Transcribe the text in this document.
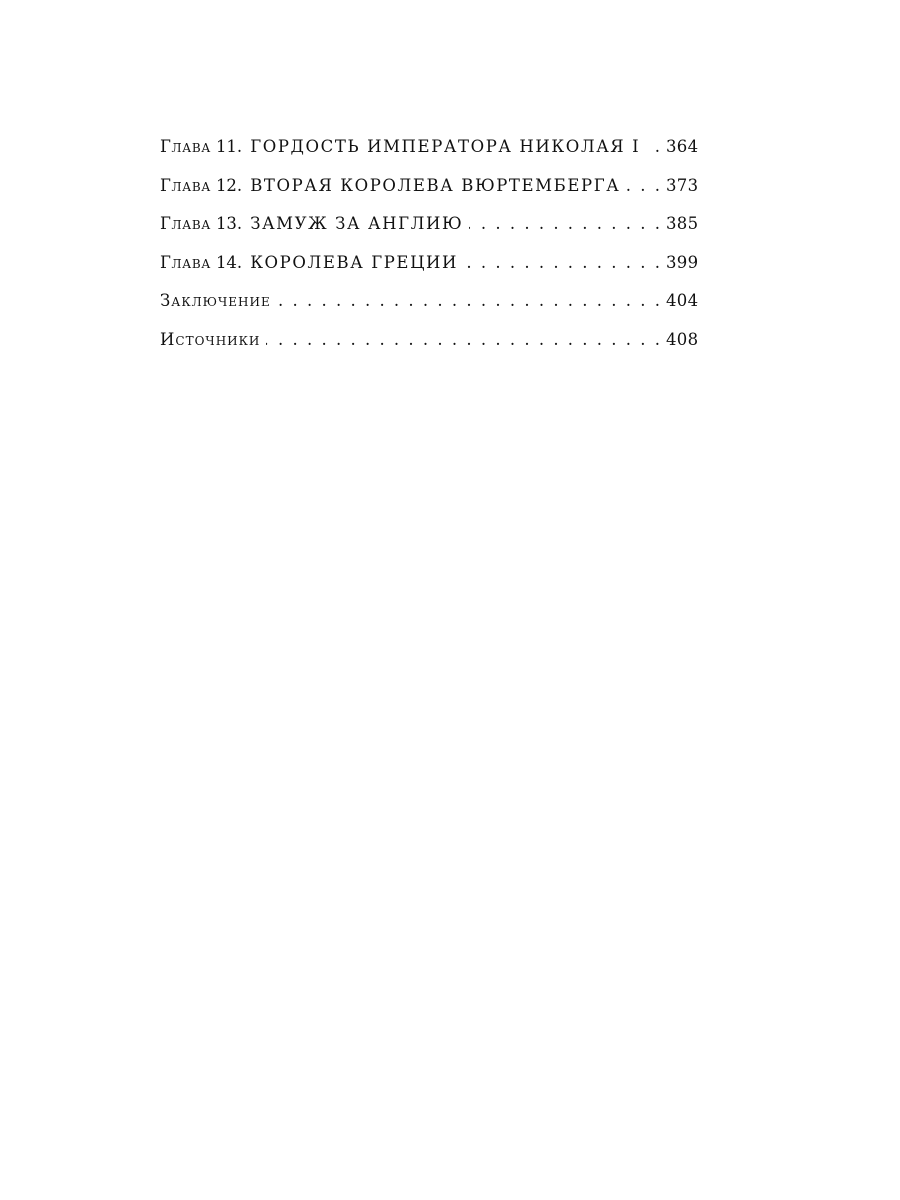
Глава 11. ГОРДОСТЬ ИМПЕРАТОРА НИКОЛАЯ I . . . 364
Глава 12. ВТОРАЯ КОРОЛЕВА ВЮРТЕМБЕРГА . . .	373
Глава 13. ЗАМУЖ ЗА АНГЛИЮ . . .	385
Глава 14. КОРОЛЕВА ГРЕЦИИ . . .	399
Заключение . . .	404
Источники . . .	408
